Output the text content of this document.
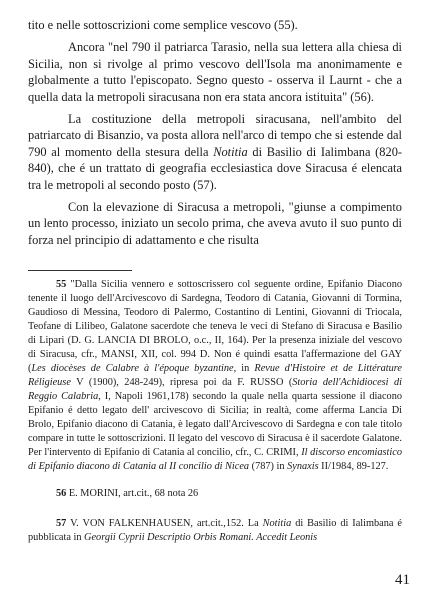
tito e nelle sottoscrizioni come semplice vescovo (55).

Ancora "nel 790 il patriarca Tarasio, nella sua lettera alla chiesa di Sicilia, non si rivolge al primo vescovo dell'Isola ma anonimamente e globalmente a tutto l'episcopato. Segno questo - osserva il Laurnt - che a quella data la metropoli siracusana non era stata ancora istituita" (56).

La costituzione della metropoli siracusana, nell'ambito del patriarcato di Bisanzio, va posta allora nell'arco di tempo che si estende dal 790 al momento della stesura della Notitia di Basilio di Ialimbana (820-840), che é un trattato di geografia ecclesiastica dove Siracusa é elencata tra le metropoli al secondo posto (57).

Con la elevazione di Siracusa a metropoli, "giunse a compimento un lento processo, iniziato un secolo prima, che aveva avuto il suo punto di forza nel principio di adattamento e che risulta

55 "Dalla Sicilia vennero e sottoscrissero col seguente ordine, Epifanio Diacono tenente il luogo dell'Arcivescovo di Sardegna, Teodoro di Catania, Giovanni di Tormina, Gaudioso di Messina, Teodoro di Palermo, Costantino di Lentini, Giovanni di Triocala, Teofane di Lilibeo, Galatone sacerdote che teneva le veci di Stefano di Siracusa e Basilio di Lipari (D. G. LANCIA DI BROLO, o.c., II, 164). Per la presenza iniziale del vescovo di Siracusa, cfr., MANSI, XII, col. 994 D. Non é quindi esatta l'affermazione del GAY (Les diocèses de Calabre à l'époque byzantine, in Revue d'Histoire et de Littérature Réligieuse V (1900), 248-249), ripresa poi da F. RUSSO (Storia dell'Achidiocesi di Reggio Calabria, I, Napoli 1961,178) secondo la quale nella quarta sessione il diacono Epifanio é detto legato dell' arcivescovo di Sicilia; in realtà, come afferma Lancia Di Brolo, Epifanio diacono di Catania, è legato dall'Arcivescovo di Sardegna e con tale titolo compare in tutte le sottoscrizioni. Il legato del vescovo di Siracusa è il sacerdote Galatone. Per l'intervento di Epifanio di Catania al concilio, cfr., C. CRIMI, Il discorso encomiastico di Epifanio diacono di Catania al II concilio di Nicea (787) in Synaxis II/1984, 89-127.

56 E. MORINI, art.cit., 68 nota 26

57 V. VON FALKENHAUSEN, art.cit.,152. La Notitia di Basilio di Ialimbana é pubblicata in Georgii Cyprii Descriptio Orbis Romani. Accedit Leonis

41
